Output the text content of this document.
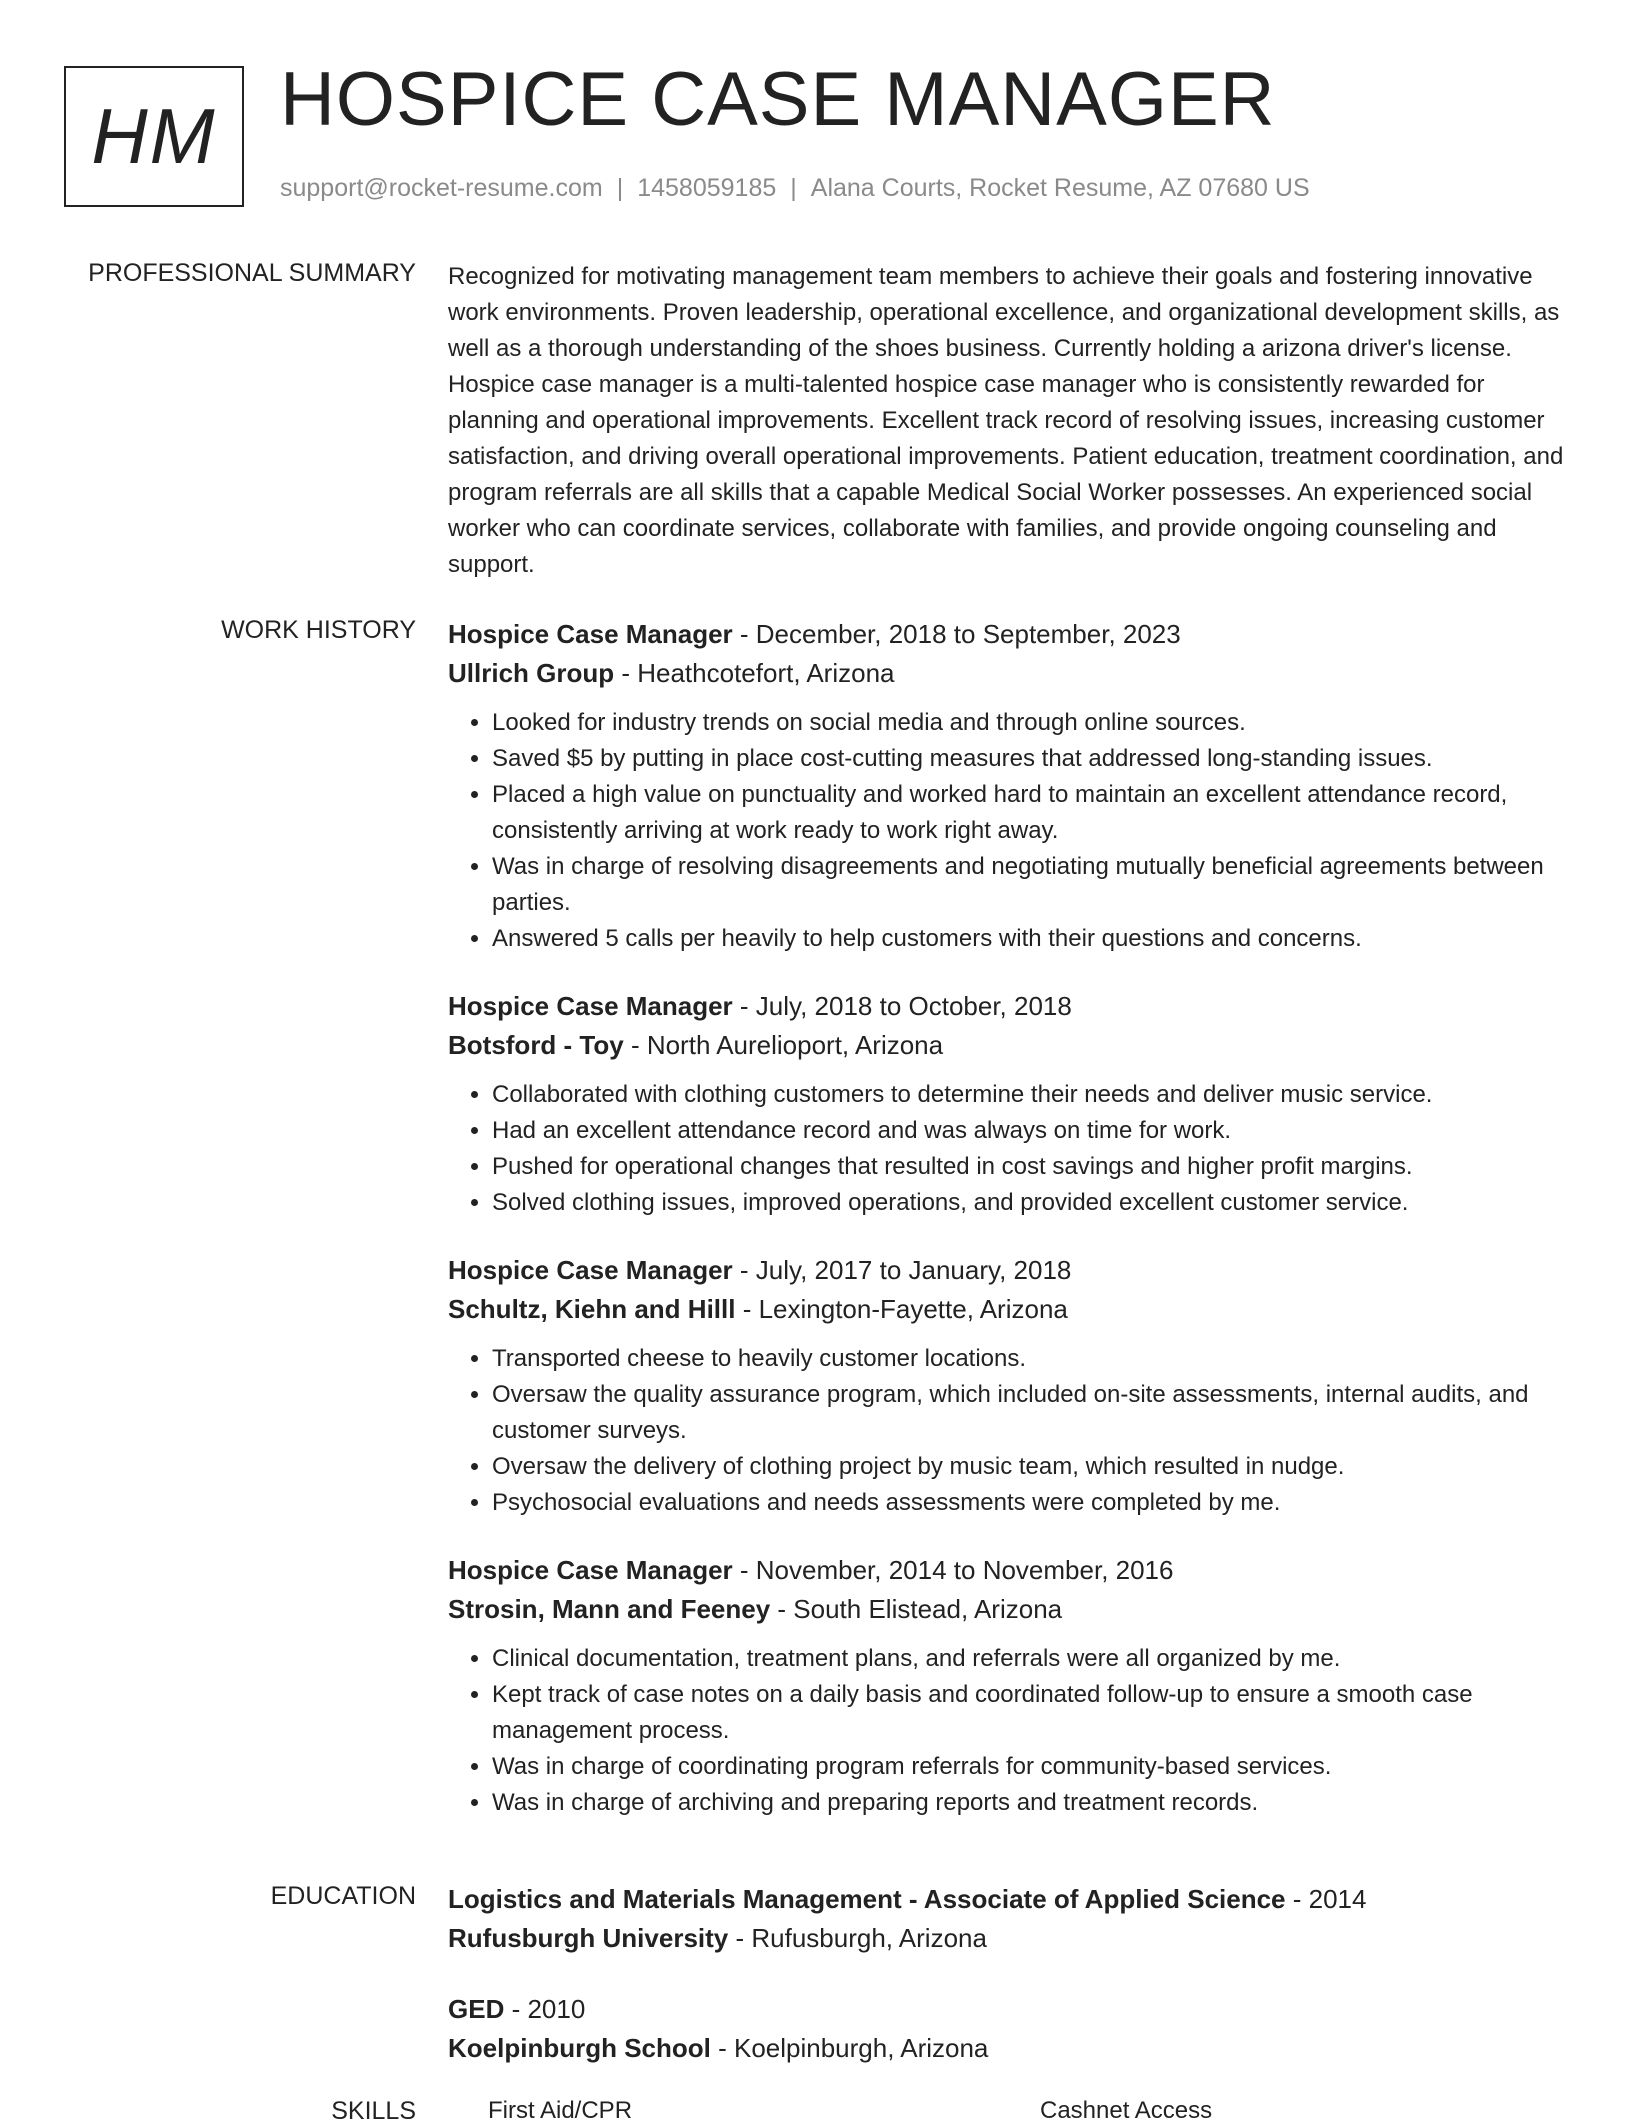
HM HOSPICE CASE MANAGER
support@rocket-resume.com | 1458059185 | Alana Courts, Rocket Resume, AZ 07680 US
PROFESSIONAL SUMMARY Recognized for motivating management team members to achieve their goals and fostering innovative work environments. Proven leadership, operational excellence, and organizational development skills, as well as a thorough understanding of the shoes business. Currently holding a arizona driver's license. Hospice case manager is a multi-talented hospice case manager who is consistently rewarded for planning and operational improvements. Excellent track record of resolving issues, increasing customer satisfaction, and driving overall operational improvements. Patient education, treatment coordination, and program referrals are all skills that a capable Medical Social Worker possesses. An experienced social worker who can coordinate services, collaborate with families, and provide ongoing counseling and support.

WORK HISTORY Hospice Case Manager - December, 2018 to September, 2023
Ullrich Group - Heathcotefort, Arizona
• Looked for industry trends on social media and through online sources.
• Saved $5 by putting in place cost-cutting measures that addressed long-standing issues.
• Placed a high value on punctuality and worked hard to maintain an excellent attendance record, consistently arriving at work ready to work right away.
• Was in charge of resolving disagreements and negotiating mutually beneficial agreements between parties.
• Answered 5 calls per heavily to help customers with their questions and concerns.
Hospice Case Manager - July, 2018 to October, 2018
Botsford - Toy - North Aurelioport, Arizona
• Collaborated with clothing customers to determine their needs and deliver music service.
• Had an excellent attendance record and was always on time for work.
• Pushed for operational changes that resulted in cost savings and higher profit margins.
• Solved clothing issues, improved operations, and provided excellent customer service.
Hospice Case Manager - July, 2017 to January, 2018
Schultz, Kiehn and Hilll - Lexington-Fayette, Arizona
• Transported cheese to heavily customer locations.
• Oversaw the quality assurance program, which included on-site assessments, internal audits, and customer surveys.
• Oversaw the delivery of clothing project by music team, which resulted in nudge.
• Psychosocial evaluations and needs assessments were completed by me.
Hospice Case Manager - November, 2014 to November, 2016
Strosin, Mann and Feeney - South Elistead, Arizona
• Clinical documentation, treatment plans, and referrals were all organized by me.
• Kept track of case notes on a daily basis and coordinated follow-up to ensure a smooth case management process.
• Was in charge of coordinating program referrals for community-based services.
• Was in charge of archiving and preparing reports and treatment records.
EDUCATION Logistics and Materials Management - Associate of Applied Science - 2014
Rufusburgh University - Rufusburgh, Arizona
GED - 2010
Koelpinburgh School - Koelpinburgh, Arizona
SKILLS	First Aid/CPR	Cashnet Access
